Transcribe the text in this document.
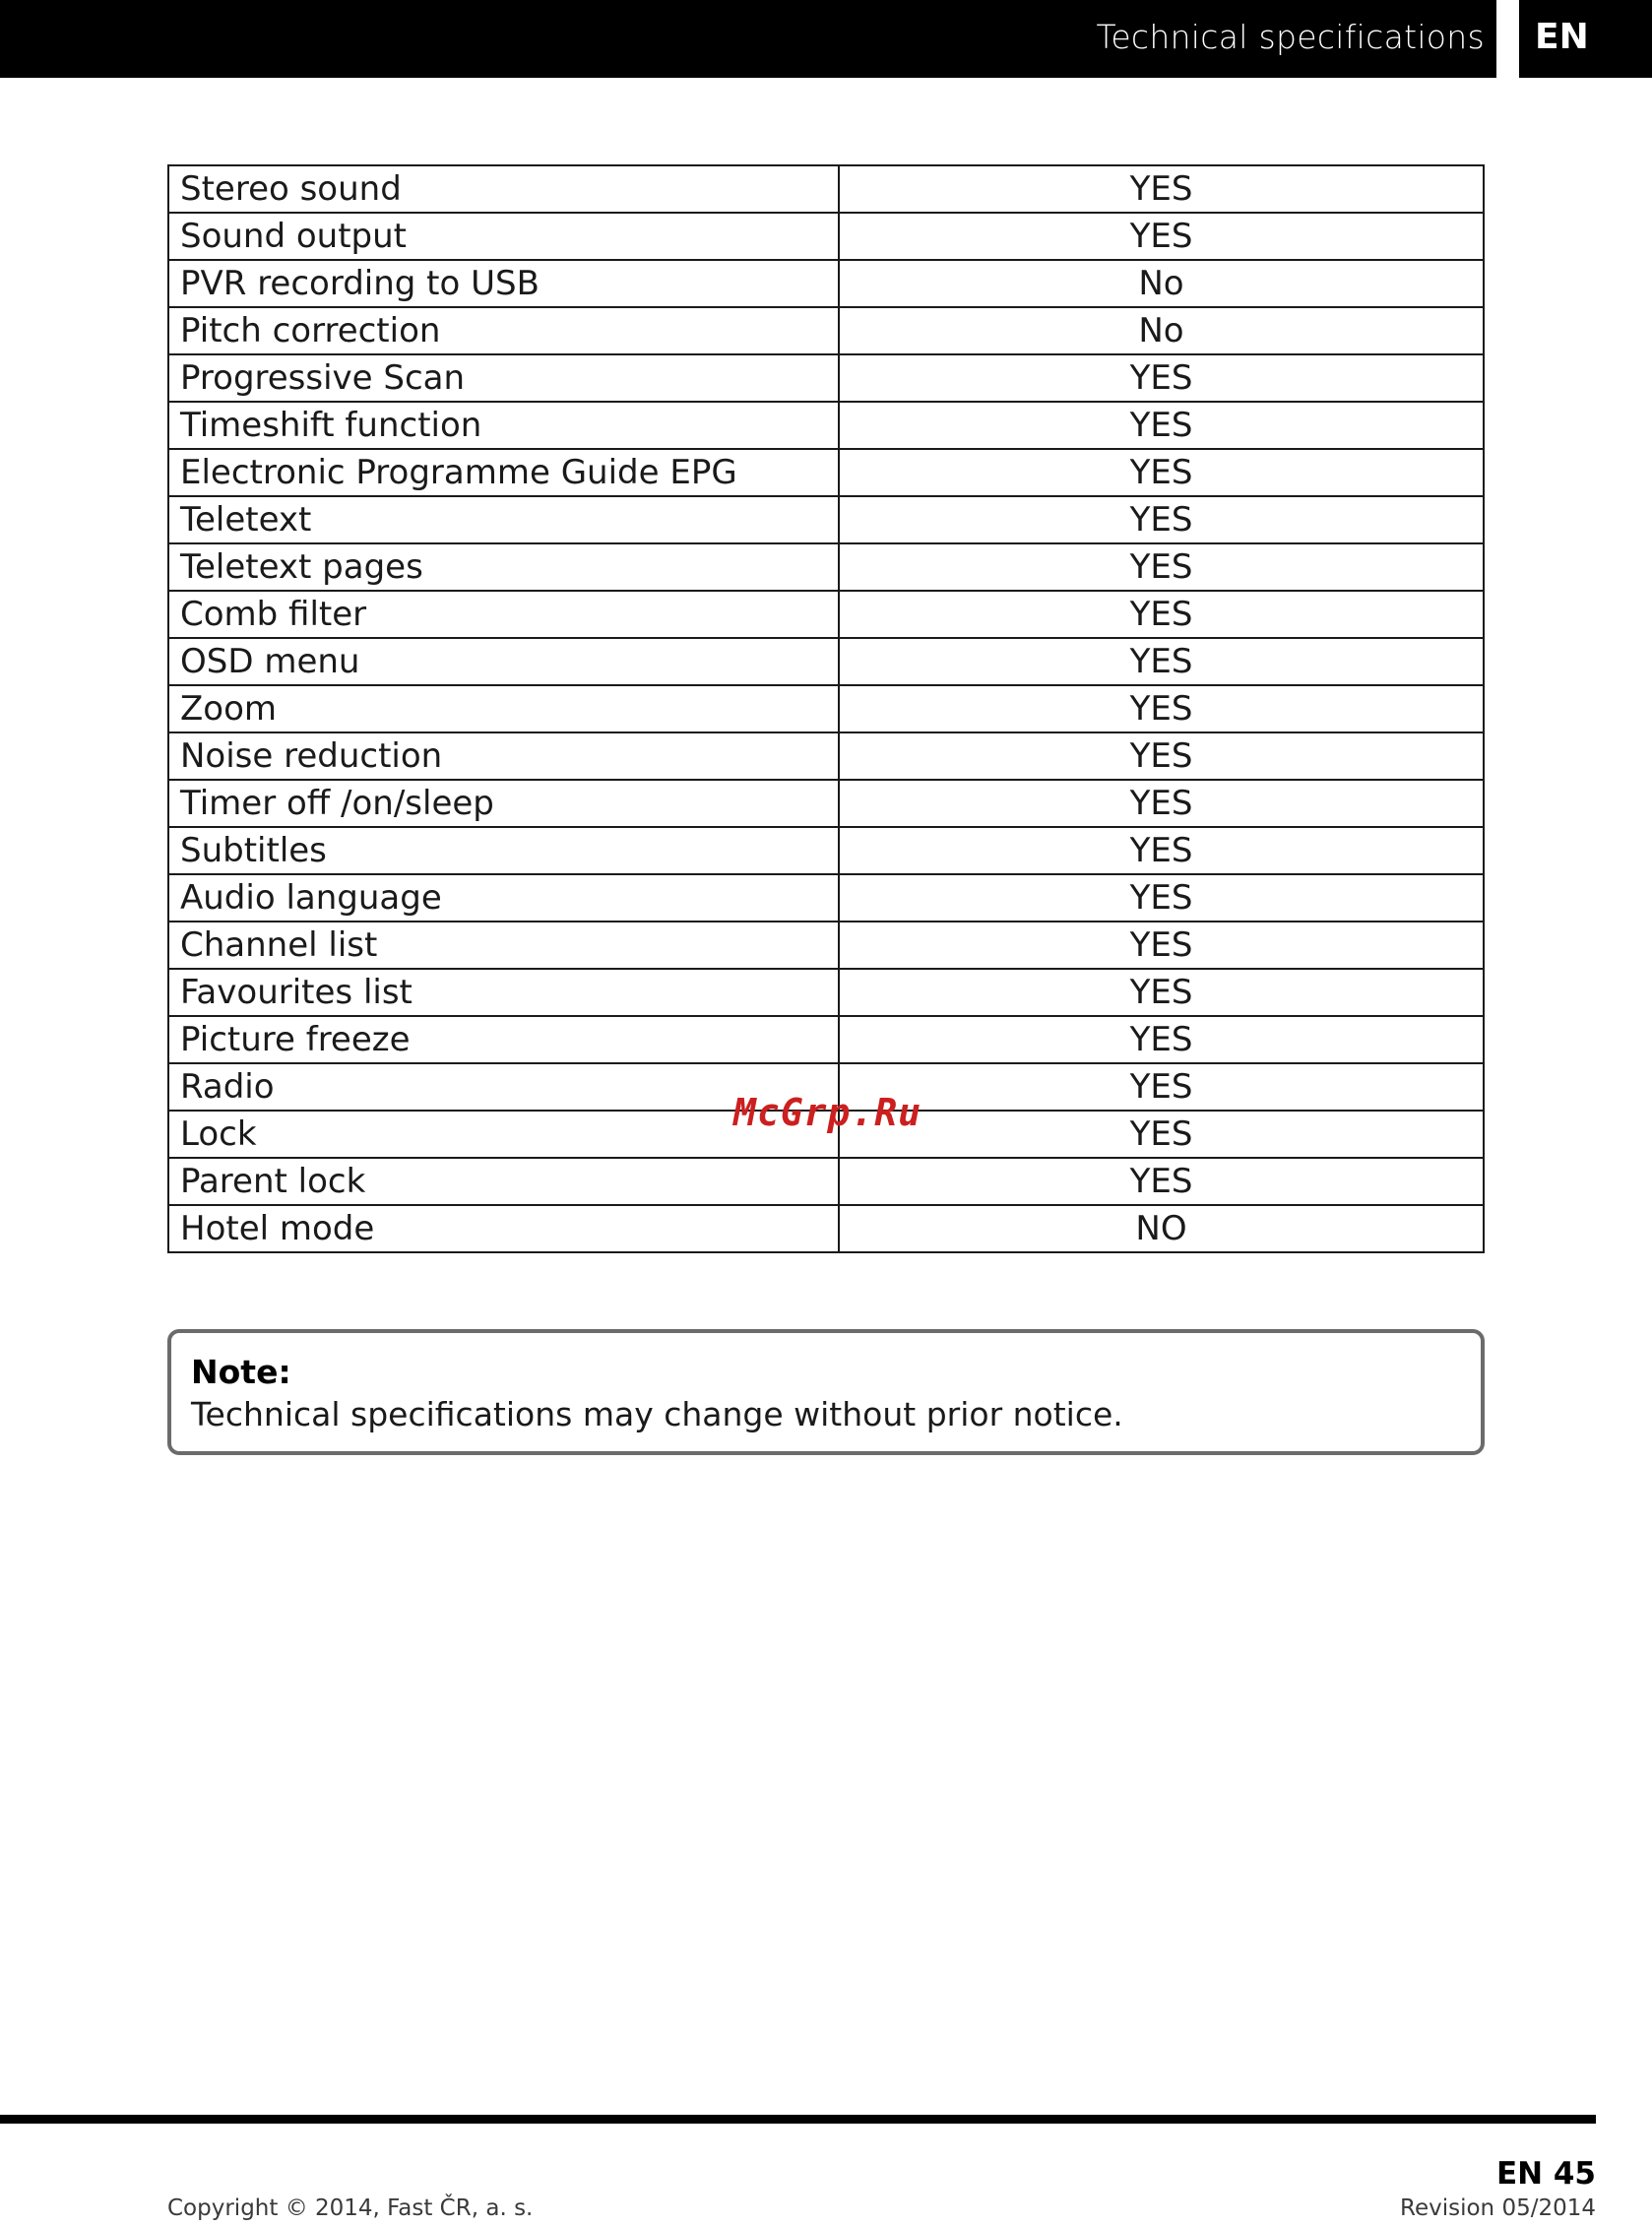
Technical specifications EN
Stereo sound	YES
Sound output	YES
PVR recording to USB	No
Pitch correction	No
Progressive Scan	YES
Timeshift function	YES
Electronic Programme Guide EPG	YES
Teletext	YES
Teletext pages	YES
Comb filter	YES
OSD menu	YES
Zoom	YES
Noise reduction	YES
Timer off /on/sleep	YES
Subtitles	YES
Audio language	YES
Channel list	YES
Favourites list	YES
Picture freeze	YES
Radio	YES
Lock	YES
Parent lock	YES
Hotel mode	NO
McGrp.Ru
Note:
Technical specifications may change without prior notice.
EN 45
Copyright © 2014, Fast ČR, a. s.	Revision 05/2014
